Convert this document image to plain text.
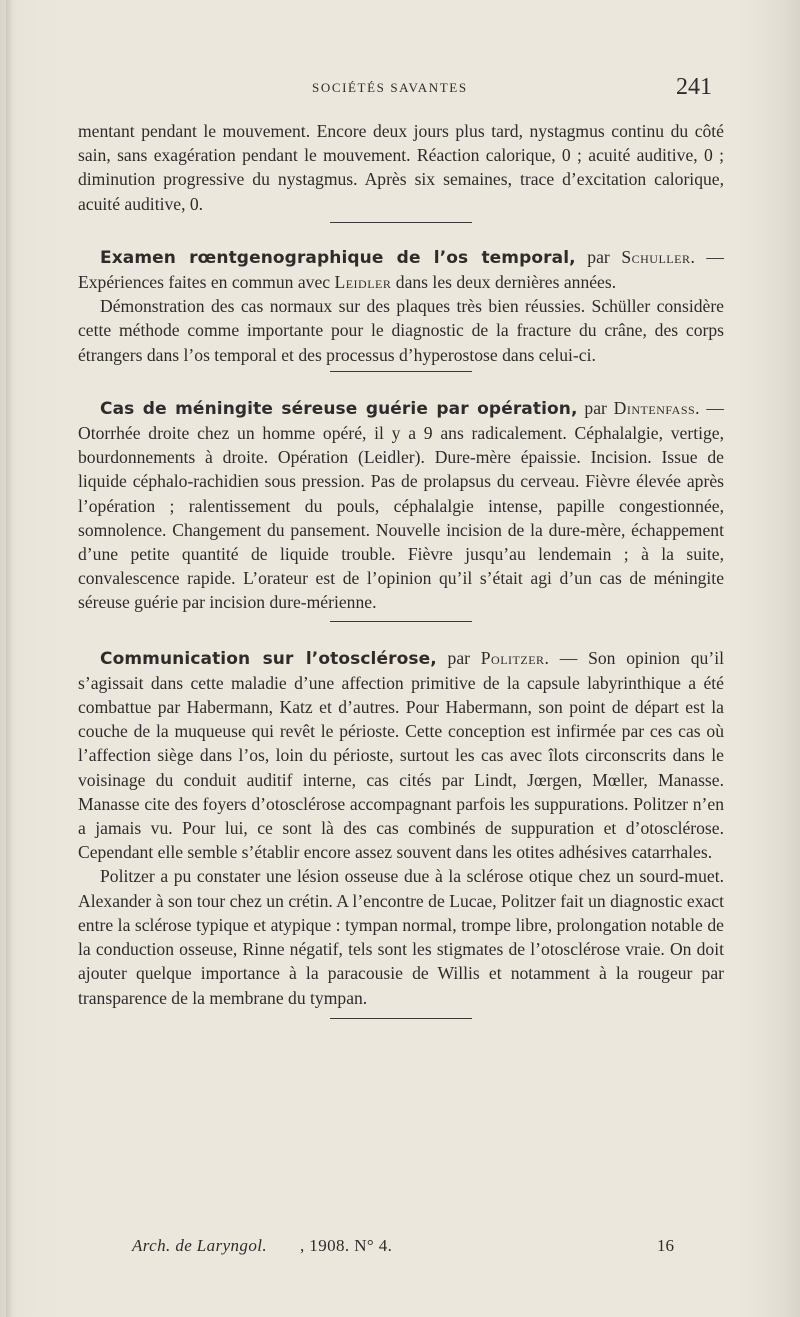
SOCIÉTÉS SAVANTES	241

mentant pendant le mouvement. Encore deux jours plus tard, nystagmus continu du côté sain, sans exagération pendant le mouvement. Réaction calorique, 0 ; acuité auditive, 0 ; diminution progressive du nystagmus. Après six semaines, trace d’excitation calorique, acuité auditive, 0.

Examen rœntgenographique de l’os temporal, par Schuller. — Expériences faites en commun avec Leidler dans les deux dernières années.

Démonstration des cas normaux sur des plaques très bien réussies. Schüller considère cette méthode comme importante pour le diagnostic de la fracture du crâne, des corps étrangers dans l’os temporal et des processus d’hyperostose dans celui-ci.

Cas de méningite séreuse guérie par opération, par Dintenfass. — Otorrhée droite chez un homme opéré, il y a 9 ans radicalement. Céphalalgie, vertige, bourdonnements à droite. Opération (Leidler). Dure-mère épaissie. Incision. Issue de liquide céphalo-rachidien sous pression. Pas de prolapsus du cerveau. Fièvre élevée après l’opération ; ralentissement du pouls, céphalalgie intense, papille congestionnée, somnolence. Changement du pansement. Nouvelle incision de la dure-mère, échappement d’une petite quantité de liquide trouble. Fièvre jusqu’au lendemain ; à la suite, convalescence rapide. L’orateur est de l’opinion qu’il s’était agi d’un cas de méningite séreuse guérie par incision dure-mérienne.

Communication sur l’otosclérose, par Politzer. — Son opinion qu’il s’agissait dans cette maladie d’une affection primitive de la capsule labyrinthique a été combattue par Habermann, Katz et d’autres. Pour Habermann, son point de départ est la couche de la muqueuse qui revêt le périoste. Cette conception est infirmée par ces cas où l’affection siège dans l’os, loin du périoste, surtout les cas avec îlots circonscrits dans le voisinage du conduit auditif interne, cas cités par Lindt, Jœrgen, Mœller, Manasse. Manasse cite des foyers d’otosclérose accompagnant parfois les suppurations. Politzer n’en a jamais vu. Pour lui, ce sont là des cas combinés de suppuration et d’otosclérose. Cependant elle semble s’établir encore assez souvent dans les otites adhésives catarrhales.

Politzer a pu constater une lésion osseuse due à la sclérose otique chez un sourd-muet. Alexander à son tour chez un crétin. A l’encontre de Lucae, Politzer fait un diagnostic exact entre la sclérose typique et atypique : tympan normal, trompe libre, prolongation notable de la conduction osseuse, Rinne négatif, tels sont les stigmates de l’otosclérose vraie. On doit ajouter quelque importance à la paracousie de Willis et notamment à la rougeur par transparence de la membrane du tympan.

Arch. de Laryngol. , 1908. N° 4.	16
